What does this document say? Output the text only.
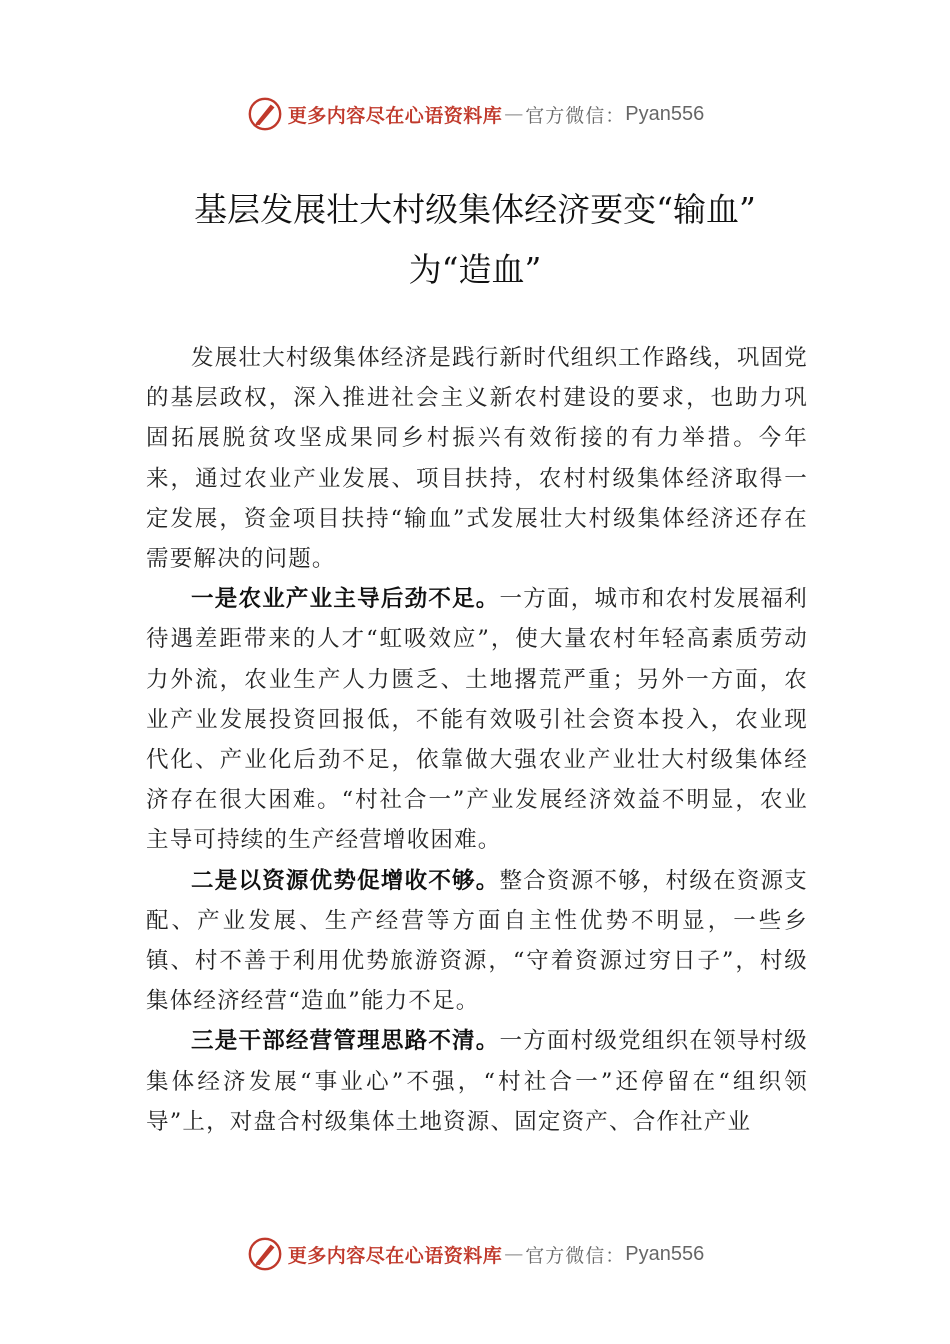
更多内容尽在心语资料库 — 官方微信： Pyan556
基层发展壮大村级集体经济要变“输血”
为“造血”

发展壮大村级集体经济是践行新时代组织工作路线，巩固党的基层政权，深入推进社会主义新农村建设的要求，也助力巩固拓展脱贫攻坚成果同乡村振兴有效衔接的有力举措。今年来，通过农业产业发展、项目扶持，农村村级集体经济取得一定发展，资金项目扶持“输血”式发展壮大村级集体经济还存在需要解决的问题。

一是农业产业主导后劲不足。一方面，城市和农村发展福利待遇差距带来的人才“虹吸效应”，使大量农村年轻高素质劳动力外流，农业生产人力匮乏、土地撂荒严重；另外一方面，农业产业发展投资回报低，不能有效吸引社会资本投入，农业现代化、产业化后劲不足，依靠做大强农业产业壮大村级集体经济存在很大困难。“村社合一”产业发展经济效益不明显，农业主导可持续的生产经营增收困难。

二是以资源优势促增收不够。整合资源不够，村级在资源支配、产业发展、生产经营等方面自主性优势不明显，一些乡镇、村不善于利用优势旅游资源，“守着资源过穷日子”，村级集体经济经营“造血”能力不足。

三是干部经营管理思路不清。一方面村级党组织在领导村级集体经济发展“事业心”不强，“村社合一”还停留在“组织领导”上，对盘合村级集体土地资源、固定资产、合作社产业

更多内容尽在心语资料库 — 官方微信： Pyan556
